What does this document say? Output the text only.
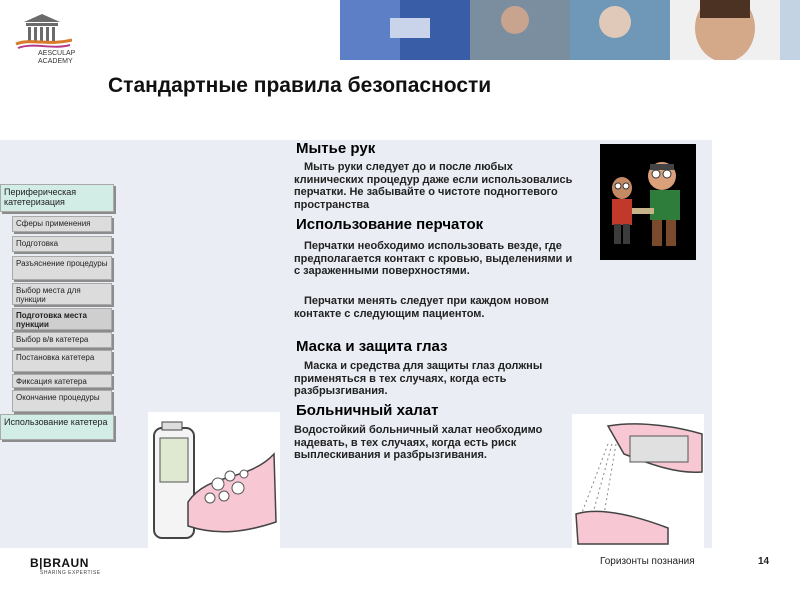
AESCULAP
ACADEMY
Стандартные правила безопасности
Периферическая катетеризация
Сферы применения
Подготовка
Разъяснение процедуры
Выбор места для пункции
Подготовка места пункции
Выбор в/в катетера
Постановка катетера
Фиксация катетера
Окончание процедуры
Использование катетера
Мытье рук
Мыть руки следует до и после любых клинических процедур даже если использовались перчатки. Не забывайте о чистоте подногтевого пространства
Использование перчаток
Перчатки необходимо использовать везде, где предполагается контакт с кровью, выделениями и с зараженными поверхностями.
Перчатки менять следует при каждом новом контакте с следующим пациентом.
Маска и защита глаз
Маска и средства для защиты глаз должны применяться в тех случаях, когда есть разбрызгивания.
Больничный халат
Водостойкий больничный халат необходимо надевать, в тех случаях, когда есть риск выплескивания и разбрызгивания.
B|BRAUN
SHARING EXPERTISE
Горизонты познания	14
